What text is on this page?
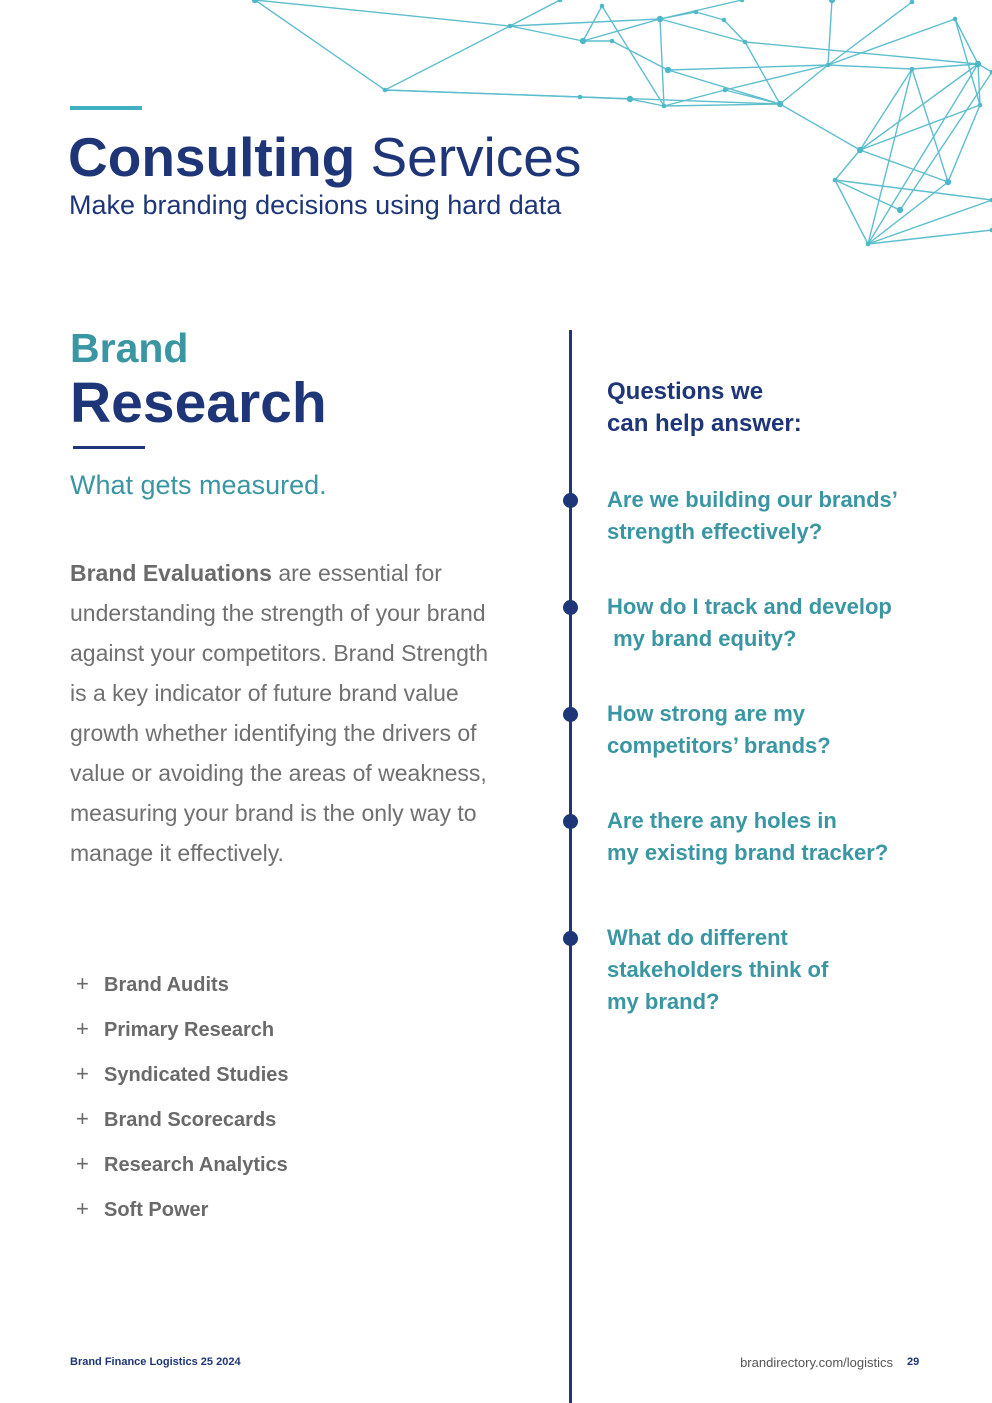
Consulting Services
Make branding decisions using hard data
Brand
Research
What gets measured.
Brand Evaluations are essential for understanding the strength of your brand against your competitors. Brand Strength is a key indicator of future brand value growth whether identifying the drivers of value or avoiding the areas of weakness, measuring your brand is the only way to manage it effectively.
+ Brand Audits
+ Primary Research
+ Syndicated Studies
+ Brand Scorecards
+ Research Analytics
+ Soft Power
Questions we
can help answer:
Are we building our brands’ strength effectively?
How do I track and develop
my brand equity?
How strong are my
competitors’ brands?
Are there any holes in
my existing brand tracker?
What do different
stakeholders think of
my brand?
Brand Finance Logistics 25 2024	brandirectory.com/logistics 29
